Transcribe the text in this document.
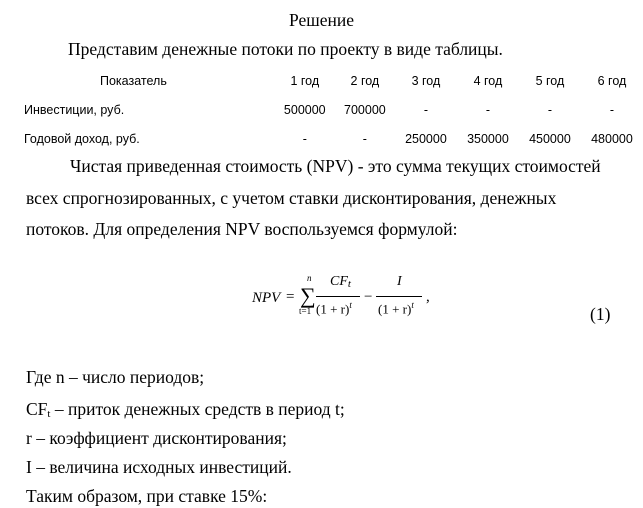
Решение
Представим денежные потоки по проекту в виде таблицы.
Показатель	1 год	2 год	3 год	4 год	5 год	6 год
Инвестиции, руб.	500000	700000	-	-	-	-
Годовой доход, руб.	-	-	250000	350000	450000	480000

Чистая приведенная стоимость (NPV) - это сумма текущих стоимостей

всех спрогнозированных, с учетом ставки дисконтирования, денежных

потоков. Для определения NPV воспользуемся формулой:

NPV =
n
∑
t=1
$CF_t$
$(1 + r)^t$ −
I
$(1 + r)^t$ ,
(1)
Где n – число периодов;
$CF_t$ – приток денежных средств в период t;
r – коэффициент дисконтирования;
I – величина исходных инвестиций.
Таким образом, при ставке 15%:
